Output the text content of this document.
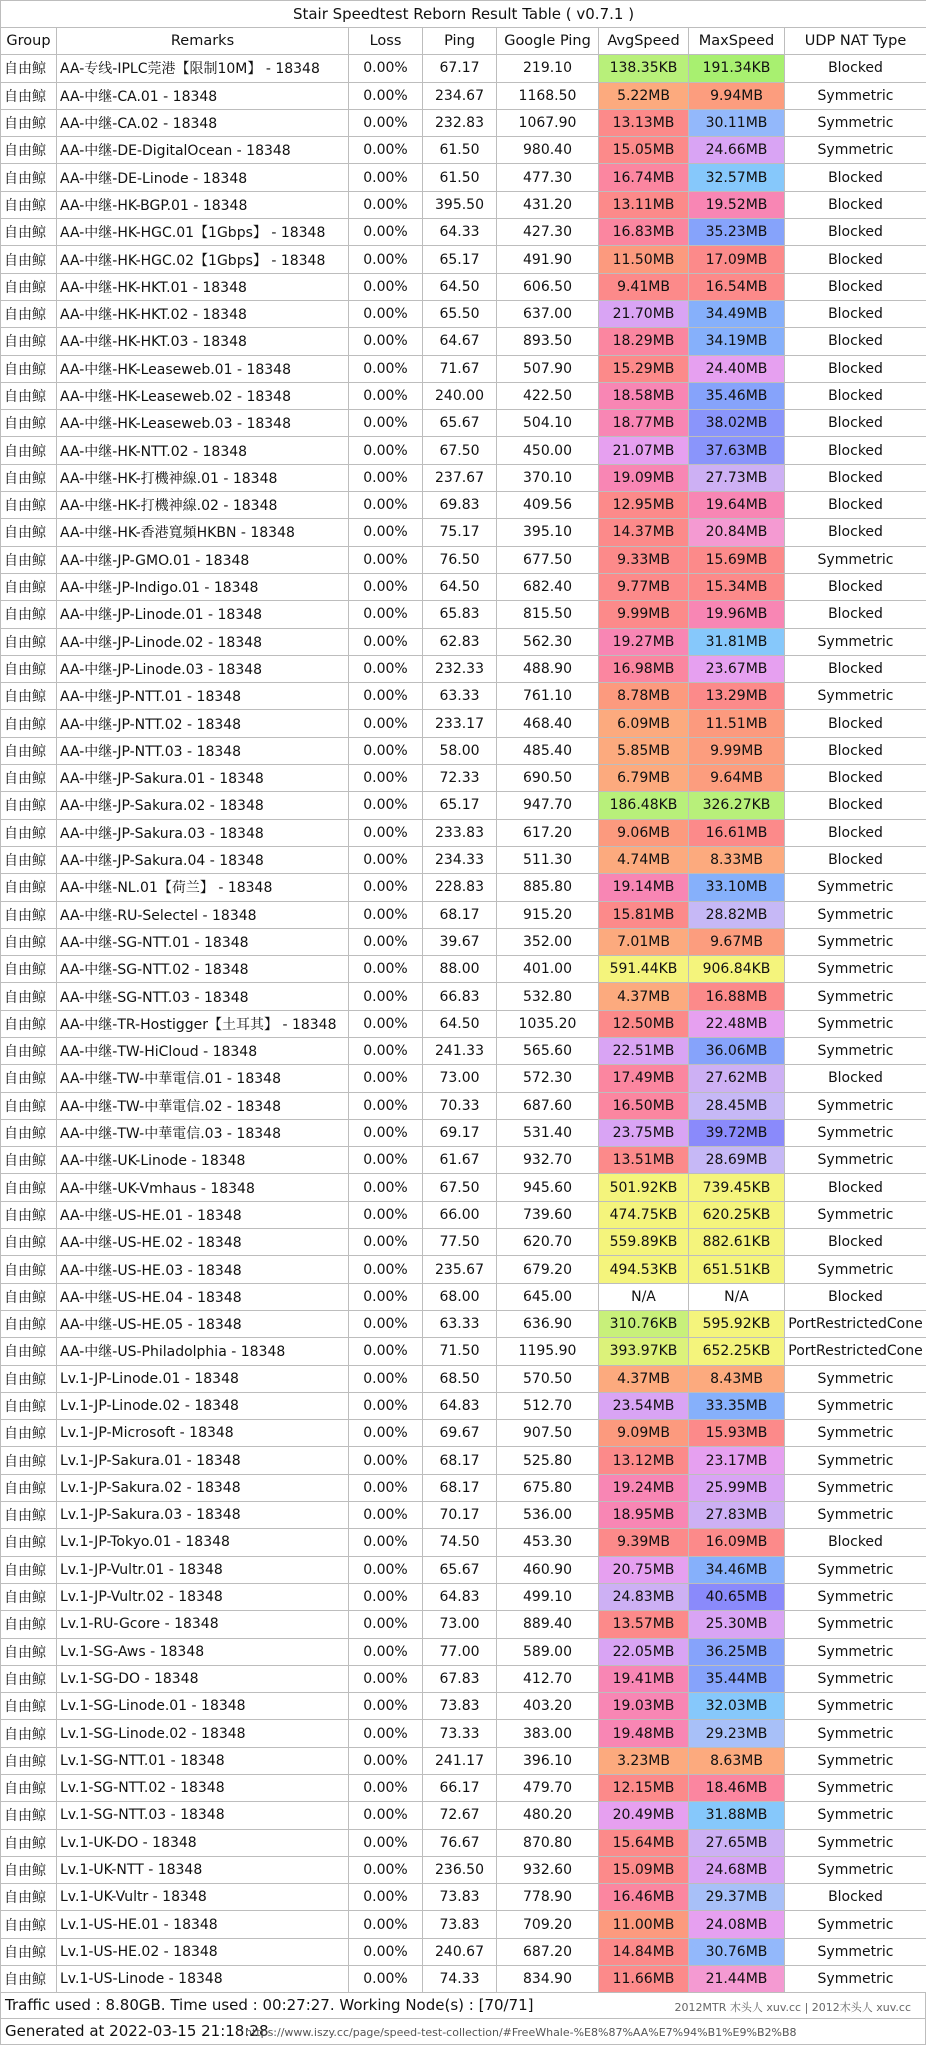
Stair Speedtest Reborn Result Table ( v0.7.1 )
Group	Remarks	Loss	Ping	Google Ping	AvgSpeed	MaxSpeed	UDP NAT Type
自由鲸	AA-专线-IPLC莞港【限制10M】 - 18348	0.00%	67.17	219.10	138.35KB	191.34KB	Blocked
自由鲸	AA-中继-CA.01 - 18348	0.00%	234.67	1168.50	5.22MB	9.94MB	Symmetric
自由鲸	AA-中继-CA.02 - 18348	0.00%	232.83	1067.90	13.13MB	30.11MB	Symmetric
自由鲸	AA-中继-DE-DigitalOcean - 18348	0.00%	61.50	980.40	15.05MB	24.66MB	Symmetric
自由鲸	AA-中继-DE-Linode - 18348	0.00%	61.50	477.30	16.74MB	32.57MB	Blocked
自由鲸	AA-中继-HK-BGP.01 - 18348	0.00%	395.50	431.20	13.11MB	19.52MB	Blocked
自由鲸	AA-中继-HK-HGC.01【1Gbps】 - 18348	0.00%	64.33	427.30	16.83MB	35.23MB	Blocked
自由鲸	AA-中继-HK-HGC.02【1Gbps】 - 18348	0.00%	65.17	491.90	11.50MB	17.09MB	Blocked
自由鲸	AA-中继-HK-HKT.01 - 18348	0.00%	64.50	606.50	9.41MB	16.54MB	Blocked
自由鲸	AA-中继-HK-HKT.02 - 18348	0.00%	65.50	637.00	21.70MB	34.49MB	Blocked
自由鲸	AA-中继-HK-HKT.03 - 18348	0.00%	64.67	893.50	18.29MB	34.19MB	Blocked
自由鲸	AA-中继-HK-Leaseweb.01 - 18348	0.00%	71.67	507.90	15.29MB	24.40MB	Blocked
自由鲸	AA-中继-HK-Leaseweb.02 - 18348	0.00%	240.00	422.50	18.58MB	35.46MB	Blocked
自由鲸	AA-中继-HK-Leaseweb.03 - 18348	0.00%	65.67	504.10	18.77MB	38.02MB	Blocked
自由鲸	AA-中继-HK-NTT.02 - 18348	0.00%	67.50	450.00	21.07MB	37.63MB	Blocked
自由鲸	AA-中继-HK-打機神線.01 - 18348	0.00%	237.67	370.10	19.09MB	27.73MB	Blocked
自由鲸	AA-中继-HK-打機神線.02 - 18348	0.00%	69.83	409.56	12.95MB	19.64MB	Blocked
自由鲸	AA-中继-HK-香港寬頻HKBN - 18348	0.00%	75.17	395.10	14.37MB	20.84MB	Blocked
自由鲸	AA-中继-JP-GMO.01 - 18348	0.00%	76.50	677.50	9.33MB	15.69MB	Symmetric
自由鲸	AA-中继-JP-Indigo.01 - 18348	0.00%	64.50	682.40	9.77MB	15.34MB	Blocked
自由鲸	AA-中继-JP-Linode.01 - 18348	0.00%	65.83	815.50	9.99MB	19.96MB	Blocked
自由鲸	AA-中继-JP-Linode.02 - 18348	0.00%	62.83	562.30	19.27MB	31.81MB	Symmetric
自由鲸	AA-中继-JP-Linode.03 - 18348	0.00%	232.33	488.90	16.98MB	23.67MB	Blocked
自由鲸	AA-中继-JP-NTT.01 - 18348	0.00%	63.33	761.10	8.78MB	13.29MB	Symmetric
自由鲸	AA-中继-JP-NTT.02 - 18348	0.00%	233.17	468.40	6.09MB	11.51MB	Blocked
自由鲸	AA-中继-JP-NTT.03 - 18348	0.00%	58.00	485.40	5.85MB	9.99MB	Blocked
自由鲸	AA-中继-JP-Sakura.01 - 18348	0.00%	72.33	690.50	6.79MB	9.64MB	Blocked
自由鲸	AA-中继-JP-Sakura.02 - 18348	0.00%	65.17	947.70	186.48KB	326.27KB	Blocked
自由鲸	AA-中继-JP-Sakura.03 - 18348	0.00%	233.83	617.20	9.06MB	16.61MB	Blocked
自由鲸	AA-中继-JP-Sakura.04 - 18348	0.00%	234.33	511.30	4.74MB	8.33MB	Blocked
自由鲸	AA-中继-NL.01【荷兰】 - 18348	0.00%	228.83	885.80	19.14MB	33.10MB	Symmetric
自由鲸	AA-中继-RU-Selectel - 18348	0.00%	68.17	915.20	15.81MB	28.82MB	Symmetric
自由鲸	AA-中继-SG-NTT.01 - 18348	0.00%	39.67	352.00	7.01MB	9.67MB	Symmetric
自由鲸	AA-中继-SG-NTT.02 - 18348	0.00%	88.00	401.00	591.44KB	906.84KB	Symmetric
自由鲸	AA-中继-SG-NTT.03 - 18348	0.00%	66.83	532.80	4.37MB	16.88MB	Symmetric
自由鲸	AA-中继-TR-Hostigger【土耳其】 - 18348	0.00%	64.50	1035.20	12.50MB	22.48MB	Symmetric
自由鲸	AA-中继-TW-HiCloud - 18348	0.00%	241.33	565.60	22.51MB	36.06MB	Symmetric
自由鲸	AA-中继-TW-中華電信.01 - 18348	0.00%	73.00	572.30	17.49MB	27.62MB	Blocked
自由鲸	AA-中继-TW-中華電信.02 - 18348	0.00%	70.33	687.60	16.50MB	28.45MB	Symmetric
自由鲸	AA-中继-TW-中華電信.03 - 18348	0.00%	69.17	531.40	23.75MB	39.72MB	Symmetric
自由鲸	AA-中继-UK-Linode - 18348	0.00%	61.67	932.70	13.51MB	28.69MB	Symmetric
自由鲸	AA-中继-UK-Vmhaus - 18348	0.00%	67.50	945.60	501.92KB	739.45KB	Blocked
自由鲸	AA-中继-US-HE.01 - 18348	0.00%	66.00	739.60	474.75KB	620.25KB	Symmetric
自由鲸	AA-中继-US-HE.02 - 18348	0.00%	77.50	620.70	559.89KB	882.61KB	Blocked
自由鲸	AA-中继-US-HE.03 - 18348	0.00%	235.67	679.20	494.53KB	651.51KB	Symmetric
自由鲸	AA-中继-US-HE.04 - 18348	0.00%	68.00	645.00	N/A	N/A	Blocked
自由鲸	AA-中继-US-HE.05 - 18348	0.00%	63.33	636.90	310.76KB	595.92KB	PortRestrictedCone
自由鲸	AA-中继-US-Philadolphia - 18348	0.00%	71.50	1195.90	393.97KB	652.25KB	PortRestrictedCone
自由鲸	Lv.1-JP-Linode.01 - 18348	0.00%	68.50	570.50	4.37MB	8.43MB	Symmetric
自由鲸	Lv.1-JP-Linode.02 - 18348	0.00%	64.83	512.70	23.54MB	33.35MB	Symmetric
自由鲸	Lv.1-JP-Microsoft - 18348	0.00%	69.67	907.50	9.09MB	15.93MB	Symmetric
自由鲸	Lv.1-JP-Sakura.01 - 18348	0.00%	68.17	525.80	13.12MB	23.17MB	Symmetric
自由鲸	Lv.1-JP-Sakura.02 - 18348	0.00%	68.17	675.80	19.24MB	25.99MB	Symmetric
自由鲸	Lv.1-JP-Sakura.03 - 18348	0.00%	70.17	536.00	18.95MB	27.83MB	Symmetric
自由鲸	Lv.1-JP-Tokyo.01 - 18348	0.00%	74.50	453.30	9.39MB	16.09MB	Blocked
自由鲸	Lv.1-JP-Vultr.01 - 18348	0.00%	65.67	460.90	20.75MB	34.46MB	Symmetric
自由鲸	Lv.1-JP-Vultr.02 - 18348	0.00%	64.83	499.10	24.83MB	40.65MB	Symmetric
自由鲸	Lv.1-RU-Gcore - 18348	0.00%	73.00	889.40	13.57MB	25.30MB	Symmetric
自由鲸	Lv.1-SG-Aws - 18348	0.00%	77.00	589.00	22.05MB	36.25MB	Symmetric
自由鲸	Lv.1-SG-DO - 18348	0.00%	67.83	412.70	19.41MB	35.44MB	Symmetric
自由鲸	Lv.1-SG-Linode.01 - 18348	0.00%	73.83	403.20	19.03MB	32.03MB	Symmetric
自由鲸	Lv.1-SG-Linode.02 - 18348	0.00%	73.33	383.00	19.48MB	29.23MB	Symmetric
自由鲸	Lv.1-SG-NTT.01 - 18348	0.00%	241.17	396.10	3.23MB	8.63MB	Symmetric
自由鲸	Lv.1-SG-NTT.02 - 18348	0.00%	66.17	479.70	12.15MB	18.46MB	Symmetric
自由鲸	Lv.1-SG-NTT.03 - 18348	0.00%	72.67	480.20	20.49MB	31.88MB	Symmetric
自由鲸	Lv.1-UK-DO - 18348	0.00%	76.67	870.80	15.64MB	27.65MB	Symmetric
自由鲸	Lv.1-UK-NTT - 18348	0.00%	236.50	932.60	15.09MB	24.68MB	Symmetric
自由鲸	Lv.1-UK-Vultr - 18348	0.00%	73.83	778.90	16.46MB	29.37MB	Blocked
自由鲸	Lv.1-US-HE.01 - 18348	0.00%	73.83	709.20	11.00MB	24.08MB	Symmetric
自由鲸	Lv.1-US-HE.02 - 18348	0.00%	240.67	687.20	14.84MB	30.76MB	Symmetric
自由鲸	Lv.1-US-Linode - 18348	0.00%	74.33	834.90	11.66MB	21.44MB	Symmetric
Traffic used : 8.80GB. Time used : 00:27:27. Working Node(s) : [70/71]	2012MTR 木头人 xuv.cc | 2012木头人 xuv.cc
Generated at 2022-03-15 21:18:28
https://www.iszy.cc/page/speed-test-collection/#FreeWhale-%E8%87%AA%E7%94%B1%E9%B2%B8
